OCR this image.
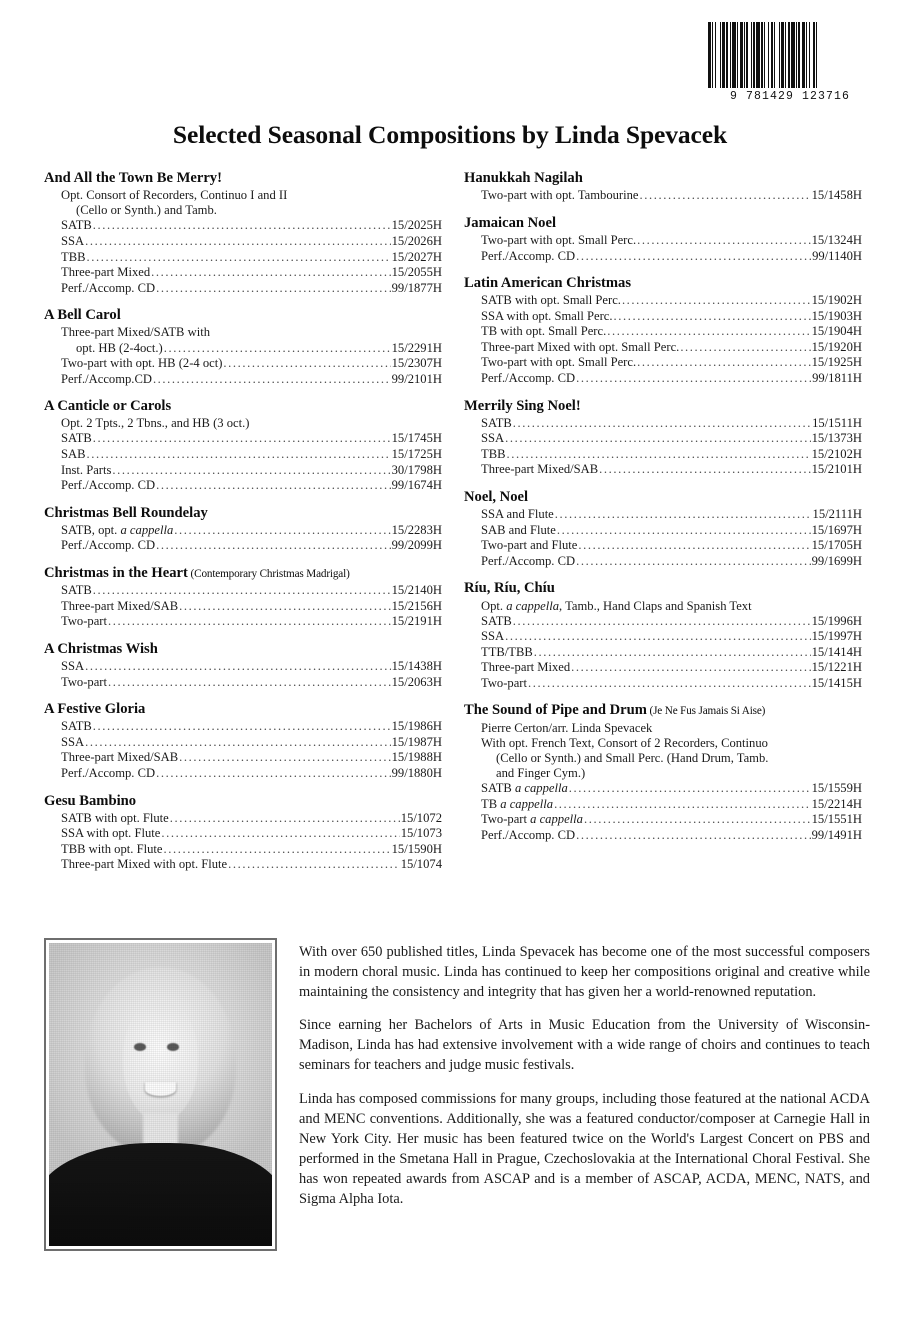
9 781429 123716
Selected Seasonal Compositions by Linda Spevacek
And All the Town Be Merry!
Opt. Consort of Recorders, Continuo I and II
(Cello or Synth.) and Tamb.
SATB .....	15/2025H
SSA .....	15/2026H
TBB .....	15/2027H
Three-part Mixed .....	15/2055H
Perf./Accomp. CD .....	99/1877H
A Bell Carol
Three-part Mixed/SATB with
opt. HB (2-4oct.) .....	15/2291H
Two-part with opt. HB (2-4 oct) .....	15/2307H
Perf./Accomp.CD .....	99/2101H
A Canticle or Carols
Opt. 2 Tpts., 2 Tbns., and HB (3 oct.)
SATB .....	15/1745H
SAB .....	15/1725H
Inst. Parts .....	30/1798H
Perf./Accomp. CD .....	99/1674H
Christmas Bell Roundelay
SATB, opt. a cappella .....	15/2283H
Perf./Accomp. CD .....	99/2099H
Christmas in the Heart (Contemporary Christmas Madrigal)
SATB .....	15/2140H
Three-part Mixed/SAB .....	15/2156H
Two-part .....	15/2191H
A Christmas Wish
SSA .....	15/1438H
Two-part .....	15/2063H
A Festive Gloria
SATB .....	15/1986H
SSA .....	15/1987H
Three-part Mixed/SAB .....	15/1988H
Perf./Accomp. CD .....	99/1880H
Gesu Bambino
SATB with opt. Flute .....	15/1072
SSA with opt. Flute .....	15/1073
TBB with opt. Flute .....	15/1590H
Three-part Mixed with opt. Flute .....	15/1074
Hanukkah Nagilah
Two-part with opt. Tambourine .....	15/1458H
Jamaican Noel
Two-part with opt. Small Perc. .....	15/1324H
Perf./Accomp. CD .....	99/1140H
Latin American Christmas
SATB with opt. Small Perc. .....	15/1902H
SSA with opt. Small Perc. .....	15/1903H
TB with opt. Small Perc. .....	15/1904H
Three-part Mixed with opt. Small Perc. .....	15/1920H
Two-part with opt. Small Perc. .....	15/1925H
Perf./Accomp. CD .....	99/1811H
Merrily Sing Noel!
SATB .....	15/1511H
SSA .....	15/1373H
TBB .....	15/2102H
Three-part Mixed/SAB .....	15/2101H
Noel, Noel
SSA and Flute .....	15/2111H
SAB and Flute .....	15/1697H
Two-part and Flute .....	15/1705H
Perf./Accomp. CD .....	99/1699H
Ríu, Ríu, Chíu
Opt. a cappella, Tamb., Hand Claps and Spanish Text
SATB .....	15/1996H
SSA .....	15/1997H
TTB/TBB .....	15/1414H
Three-part Mixed .....	15/1221H
Two-part .....	15/1415H
The Sound of Pipe and Drum (Je Ne Fus Jamais Si Aise)
Pierre Certon/arr. Linda Spevacek
With opt. French Text, Consort of 2 Recorders, Continuo
(Cello or Synth.) and Small Perc. (Hand Drum, Tamb.
and Finger Cym.)
SATB a cappella .....	15/1559H
TB a cappella .....	15/2214H
Two-part a cappella .....	15/1551H
Perf./Accomp. CD .....	99/1491H

With over 650 published titles, Linda Spevacek has become one of the most successful composers in modern choral music. Linda has continued to keep her compositions original and creative while maintaining the consistency and integrity that has given her a world-renowned reputation.

Since earning her Bachelors of Arts in Music Education from the University of Wisconsin-Madison, Linda has had extensive involvement with a wide range of choirs and continues to teach seminars for teachers and judge music festivals.

Linda has composed commissions for many groups, including those featured at the national ACDA and MENC conventions. Additionally, she was a featured conductor/composer at Carnegie Hall in New York City. Her music has been featured twice on the World's Largest Concert on PBS and performed in the Smetana Hall in Prague, Czechoslovakia at the International Choral Festival. She has won repeated awards from ASCAP and is a member of ASCAP, ACDA, MENC, NATS, and Sigma Alpha Iota.
